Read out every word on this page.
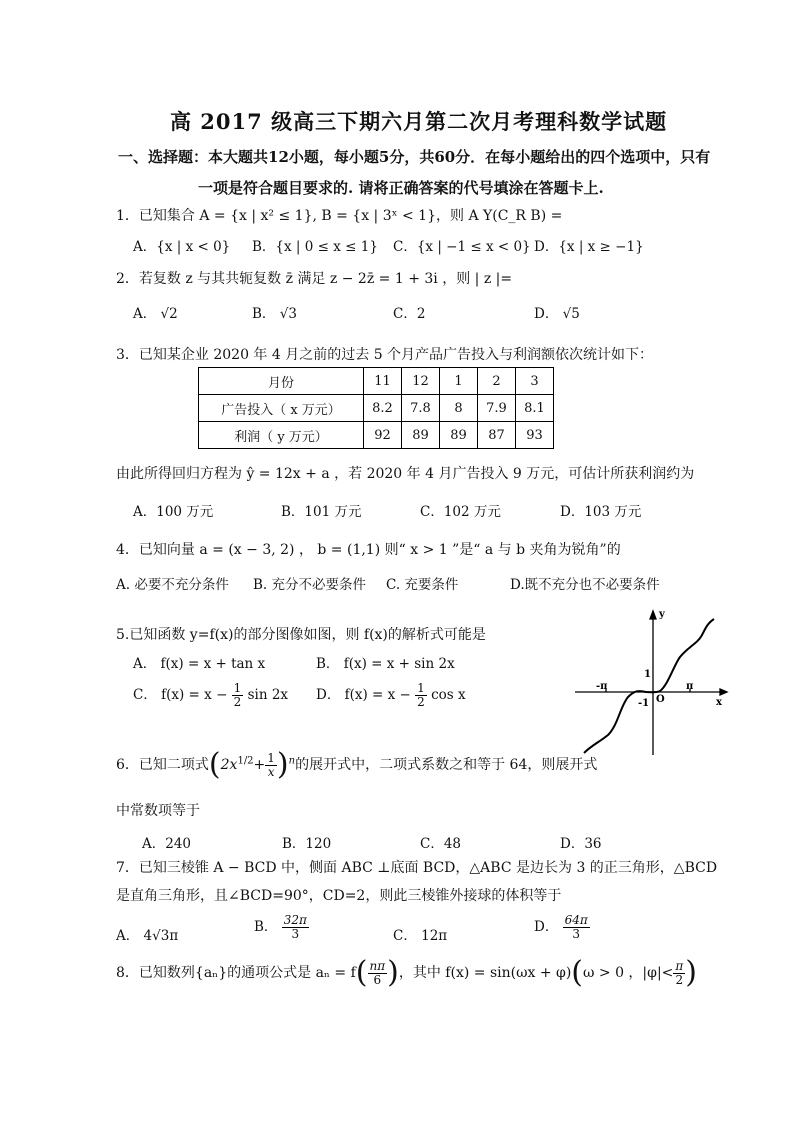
高 2017 级高三下期六月第二次月考理科数学试题
一、选择题：本大题共12小题，每小题5分，共60分．在每小题给出的四个选项中，只有
一项是符合题目要求的. 请将正确答案的代号填涂在答题卡上.
1．已知集合 A = {x | x² ≤ 1}, B = {x | 3ˣ < 1}，则 A Y(C_R B) =
A．{x | x < 0} B．{x | 0 ≤ x ≤ 1} C．{x | −1 ≤ x < 0} D．{x | x ≥ −1}
2．若复数 z 与其共轭复数 z̄ 满足 z − 2z̄ = 1 + 3i ，则 | z |=
A． √2	B． √3	C．2	D． √5
3．已知某企业 2020 年 4 月之前的过去 5 个月产品广告投入与利润额依次统计如下：
月份	11	12	1	2	3
广告投入（ x 万元）	8.2	7.8	8	7.9	8.1
利润（ y 万元）	92	89	89	87	93
由此所得回归方程为 ŷ = 12x + a ，若 2020 年 4 月广告投入 9 万元，可估计所获利润约为
A．100 万元	B．101 万元	C．102 万元	D．103 万元
4．已知向量 a = (x − 3, 2) ， b = (1,1) 则“ x > 1 ”是“ a 与 b 夹角为锐角”的
A. 必要不充分条件 B. 充分不必要条件 C. 充要条件	D.既不充分也不必要条件
5.已知函数 y=f(x)的部分图像如图，则 f(x)的解析式可能是
A． f(x) = x + tan x	B． f(x) = x + sin 2x
C． $f(x) = x - \frac{1}{2}$ sin 2x D． $f(x) = x - \frac{1}{2}$ cos x
y
x
1
-1
π
-π
O
6．已知二项式$(2x^{1/2}+ \frac{1}{x} )^n$的展开式中，二项式系数之和等于 64，则展开式
中常数项等于
A．240	B．120	C．48	D．36
7．已知三棱锥 A − BCD 中，侧面 ABC ⊥底面 BCD，△ABC 是边长为 3 的正三角形，△BCD
是直角三角形，且∠BCD=90°，CD=2，则此三棱锥外接球的体积等于
A． 4√3π
B． $\frac{32\pi}{3}$	C． 12π
D． $\frac{64\pi}{3}$
8．已知数列{aₙ}的通项公式是 $a_n = f( \frac{n\pi}{6}$ )，其中 f(x) = sin(ωx + φ)(ω > 0 ，$|\varphi|< \frac{\pi}{2}$ )
